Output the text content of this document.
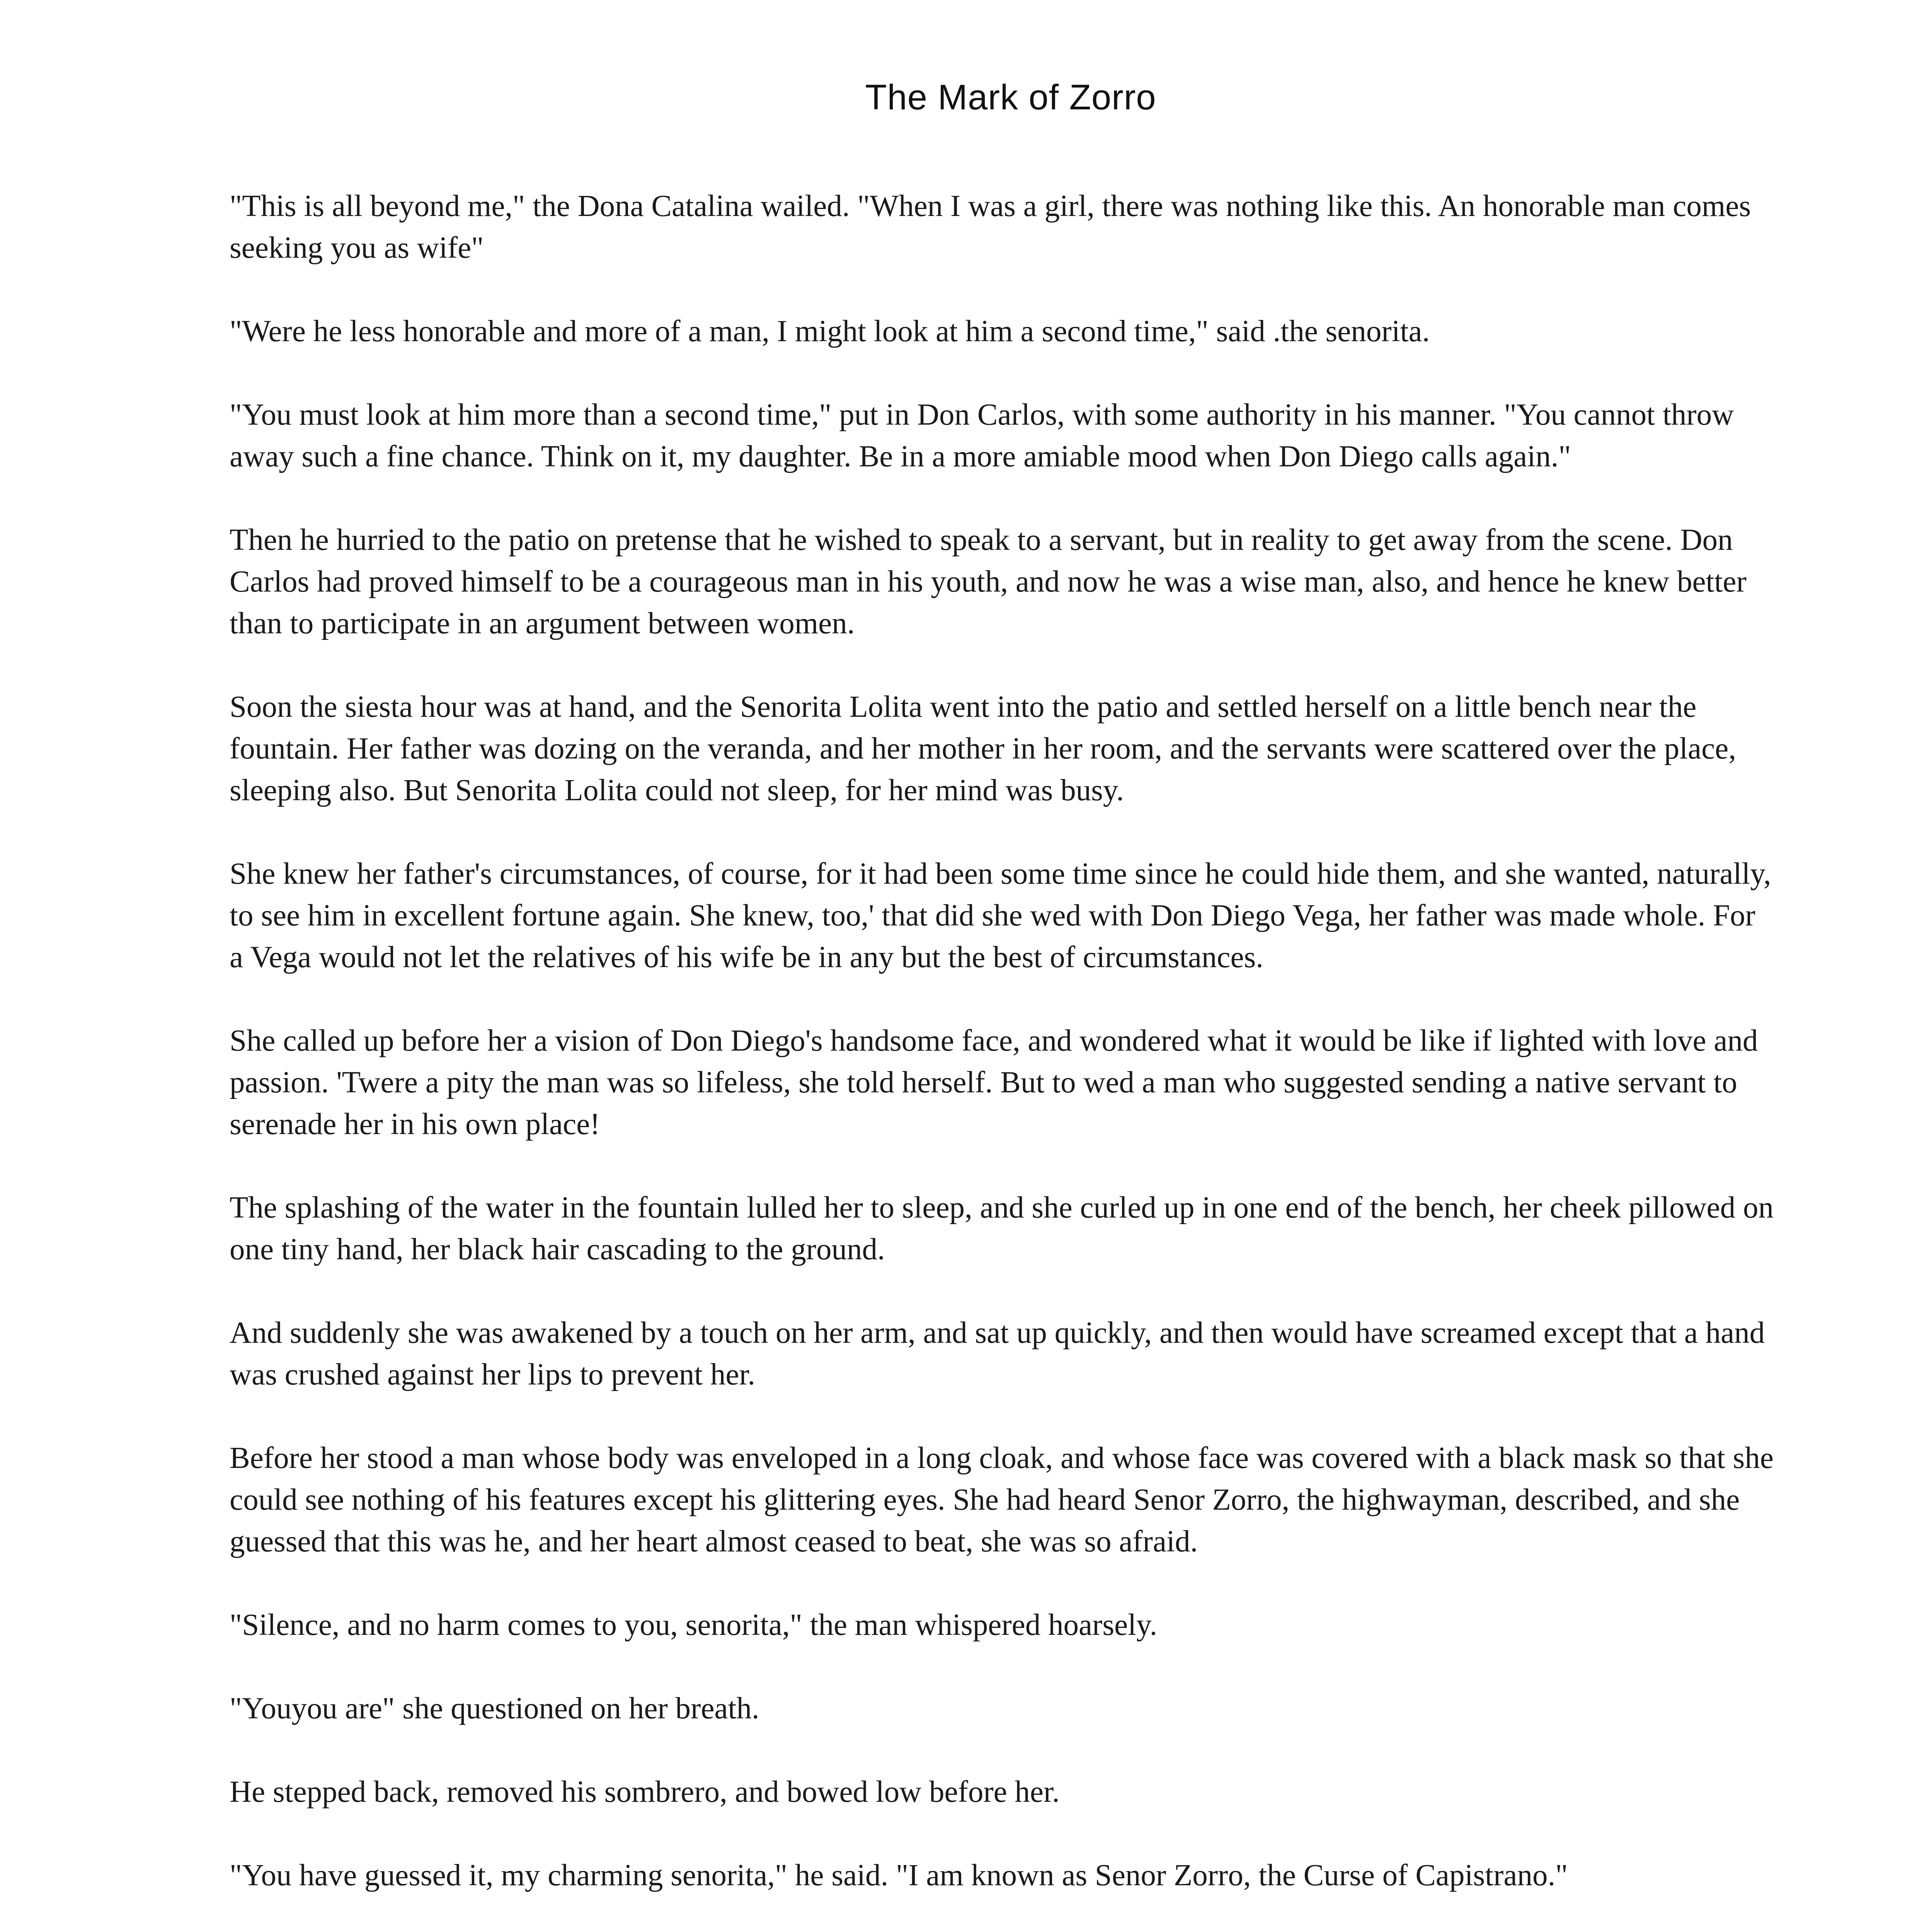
The Mark of Zorro

"This is all beyond me," the Dona Catalina wailed. "When I was a girl, there was nothing like this. An honorable man comes seeking you as wife"

"Were he less honorable and more of a man, I might look at him a second time," said .the senorita.

"You must look at him more than a second time," put in Don Carlos, with some authority in his manner. "You cannot throw away such a fine chance. Think on it, my daughter. Be in a more amiable mood when Don Diego calls again."

Then he hurried to the patio on pretense that he wished to speak to a servant, but in reality to get away from the scene. Don Carlos had proved himself to be a courageous man in his youth, and now he was a wise man, also, and hence he knew better than to participate in an argument between women.

Soon the siesta hour was at hand, and the Senorita Lolita went into the patio and settled herself on a little bench near the fountain. Her father was dozing on the veranda, and her mother in her room, and the servants were scattered over the place, sleeping also. But Senorita Lolita could not sleep, for her mind was busy.

She knew her father's circumstances, of course, for it had been some time since he could hide them, and she wanted, naturally, to see him in excellent fortune again. She knew, too,' that did she wed with Don Diego Vega, her father was made whole. For a Vega would not let the relatives of his wife be in any but the best of circumstances.

She called up before her a vision of Don Diego's handsome face, and wondered what it would be like if lighted with love and passion. 'Twere a pity the man was so lifeless, she told herself. But to wed a man who suggested sending a native servant to serenade her in his own place!

The splashing of the water in the fountain lulled her to sleep, and she curled up in one end of the bench, her cheek pillowed on one tiny hand, her black hair cascading to the ground.

And suddenly she was awakened by a touch on her arm, and sat up quickly, and then would have screamed except that a hand was crushed against her lips to prevent her.

Before her stood a man whose body was enveloped in a long cloak, and whose face was covered with a black mask so that she could see nothing of his features except his glittering eyes. She had heard Senor Zorro, the highwayman, described, and she guessed that this was he, and her heart almost ceased to beat, she was so afraid.

"Silence, and no harm comes to you, senorita," the man whispered hoarsely.

"Youyou are" she questioned on her breath.

He stepped back, removed his sombrero, and bowed low before her.

"You have guessed it, my charming senorita," he said. "I am known as Senor Zorro, the Curse of Capistrano."
